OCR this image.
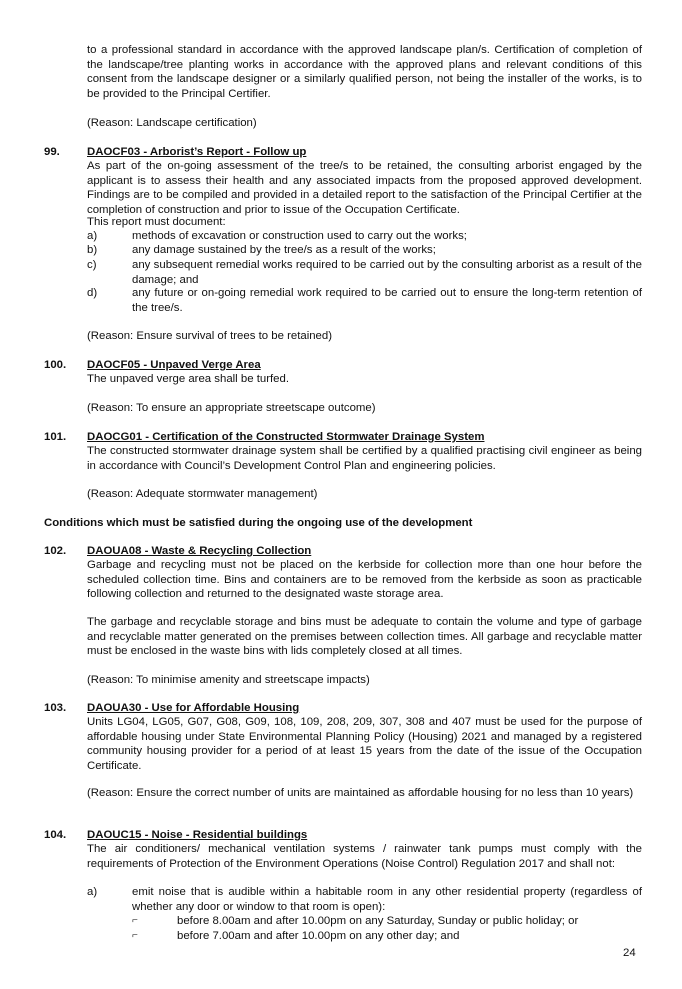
to a professional standard in accordance with the approved landscape plan/s. Certification of completion of the landscape/tree planting works in accordance with the approved plans and relevant conditions of this consent from the landscape designer or a similarly qualified person, not being the installer of the works, is to be provided to the Principal Certifier.

(Reason: Landscape certification)

99. DAOCF03 - Arborist’s Report - Follow up

As part of the on-going assessment of the tree/s to be retained, the consulting arborist engaged by the applicant is to assess their health and any associated impacts from the proposed approved development. Findings are to be compiled and provided in a detailed report to the satisfaction of the Principal Certifier at the completion of construction and prior to issue of the Occupation Certificate.

This report must document:

a)	methods of excavation or construction used to carry out the works;
b)	any damage sustained by the tree/s as a result of the works;
c)	any subsequent remedial works required to be carried out by the consulting arborist as a result of the damage; and
d)	any future or on-going remedial work required to be carried out to ensure the long-term retention of the tree/s.

(Reason: Ensure survival of trees to be retained)

100. DAOCF05 - Unpaved Verge Area

The unpaved verge area shall be turfed.

(Reason: To ensure an appropriate streetscape outcome)

101. DAOCG01 - Certification of the Constructed Stormwater Drainage System

The constructed stormwater drainage system shall be certified by a qualified practising civil engineer as being in accordance with Council’s Development Control Plan and engineering policies.

(Reason: Adequate stormwater management)

Conditions which must be satisfied during the ongoing use of the development
102. DAOUA08 - Waste & Recycling Collection

Garbage and recycling must not be placed on the kerbside for collection more than one hour before the scheduled collection time. Bins and containers are to be removed from the kerbside as soon as practicable following collection and returned to the designated waste storage area.

The garbage and recyclable storage and bins must be adequate to contain the volume and type of garbage and recyclable matter generated on the premises between collection times. All garbage and recyclable matter must be enclosed in the waste bins with lids completely closed at all times.

(Reason: To minimise amenity and streetscape impacts)

103. DAOUA30 - Use for Affordable Housing

Units LG04, LG05, G07, G08, G09, 108, 109, 208, 209, 307, 308 and 407 must be used for the purpose of affordable housing under State Environmental Planning Policy (Housing) 2021 and managed by a registered community housing provider for a period of at least 15 years from the date of the issue of the Occupation Certificate.

(Reason: Ensure the correct number of units are maintained as affordable housing for no less than 10 years)

104. DAOUC15 - Noise - Residential buildings

The air conditioners/ mechanical ventilation systems / rainwater tank pumps must comply with the requirements of Protection of the Environment Operations (Noise Control) Regulation 2017 and shall not:

a)	emit noise that is audible within a habitable room in any other residential property (regardless of whether any door or window to that room is open):
⌐	before 8.00am and after 10.00pm on any Saturday, Sunday or public holiday; or
⌐	before 7.00am and after 10.00pm on any other day; and
24
